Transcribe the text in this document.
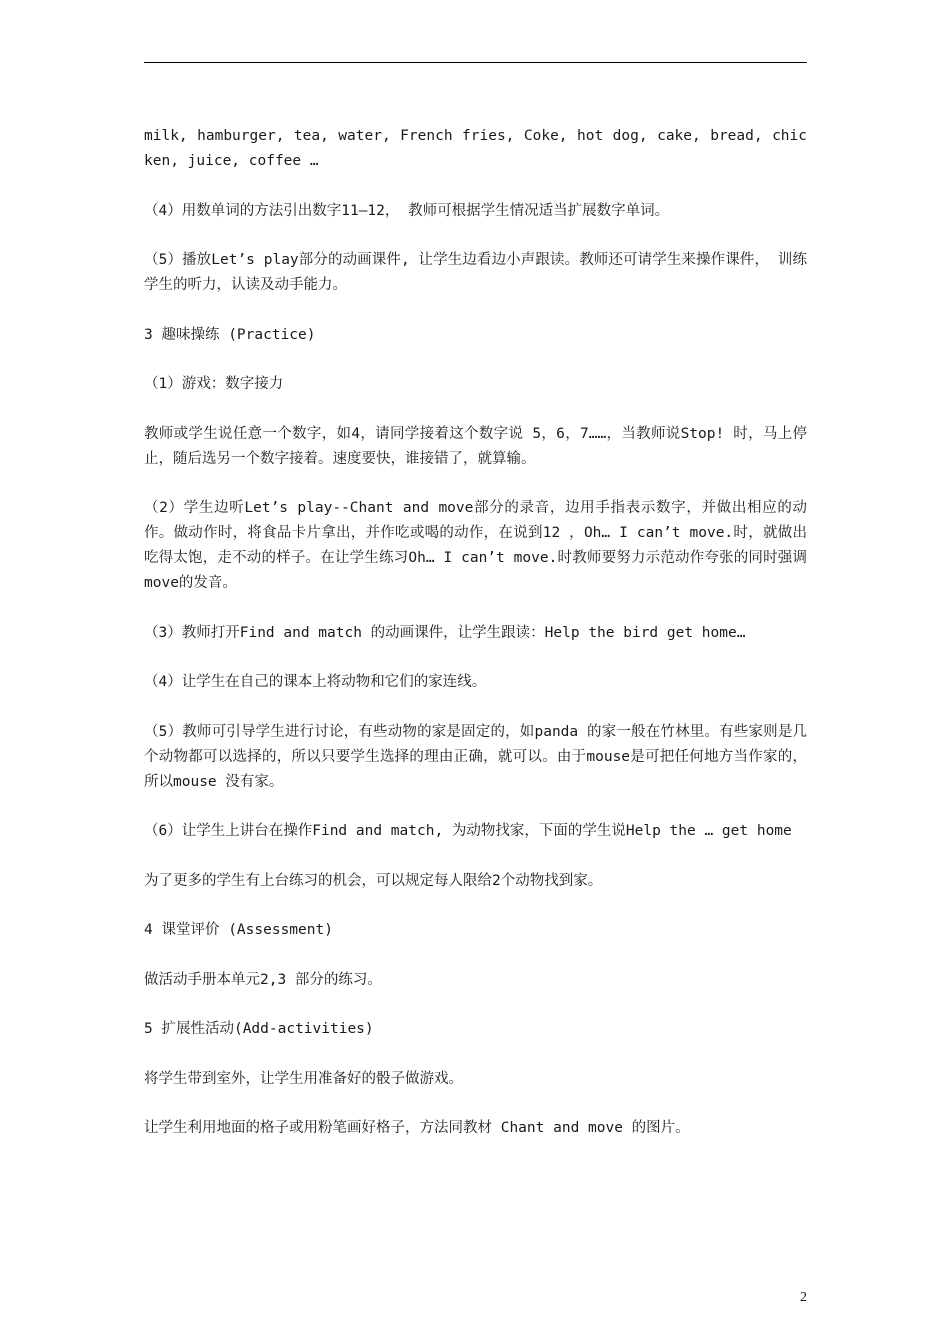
milk, hamburger, tea, water, French fries, Coke, hot dog, cake, bread, chicken, juice, coffee …

（4）用数单词的方法引出数字11—12， 教师可根据学生情况适当扩展数字单词。

（5）播放Let’s play部分的动画课件, 让学生边看边小声跟读。教师还可请学生来操作课件， 训练学生的听力，认读及动手能力。

3 趣味操练 (Practice)

（1）游戏：数字接力

教师或学生说任意一个数字，如4，请同学接着这个数字说 5，6，7……，当教师说Stop! 时，马上停止，随后选另一个数字接着。速度要快，谁接错了，就算输。

（2）学生边听Let’s play--Chant and move部分的录音，边用手指表示数字，并做出相应的动作。做动作时，将食品卡片拿出，并作吃或喝的动作，在说到12 ，Oh… I can’t move.时，就做出吃得太饱，走不动的样子。在让学生练习Oh… I can’t move.时教师要努力示范动作夸张的同时强调move的发音。

（3）教师打开Find and match 的动画课件，让学生跟读：Help the bird get home…

（4）让学生在自己的课本上将动物和它们的家连线。

（5）教师可引导学生进行讨论，有些动物的家是固定的，如panda 的家一般在竹林里。有些家则是几个动物都可以选择的，所以只要学生选择的理由正确，就可以。由于mouse是可把任何地方当作家的，所以mouse 没有家。

（6）让学生上讲台在操作Find and match, 为动物找家，下面的学生说Help the … get home

为了更多的学生有上台练习的机会，可以规定每人限给2个动物找到家。

4 课堂评价 (Assessment)

做活动手册本单元2,3 部分的练习。

5 扩展性活动(Add-activities)

将学生带到室外，让学生用准备好的骰子做游戏。

让学生利用地面的格子或用粉笔画好格子，方法同教材 Chant and move 的图片。

2
